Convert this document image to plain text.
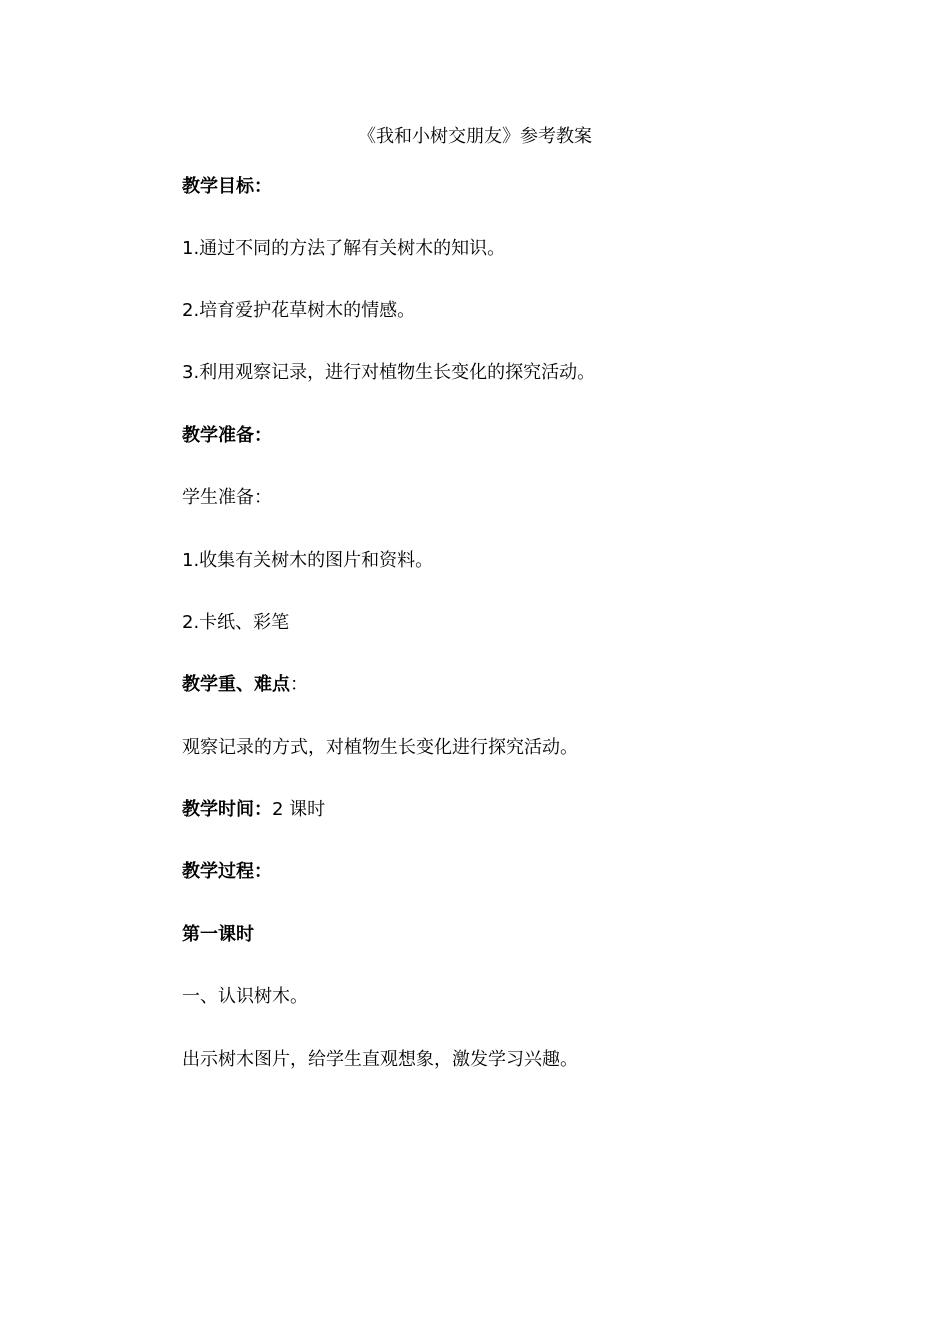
《我和小树交朋友》参考教案
教学目标：
1.通过不同的方法了解有关树木的知识。
2.培育爱护花草树木的情感。
3.利用观察记录，进行对植物生长变化的探究活动。
教学准备：
学生准备：
1.收集有关树木的图片和资料。
2.卡纸、彩笔
教学重、难点：
观察记录的方式，对植物生长变化进行探究活动。
教学时间：2 课时
教学过程：
第一课时
一、认识树木。
出示树木图片，给学生直观想象，激发学习兴趣。
